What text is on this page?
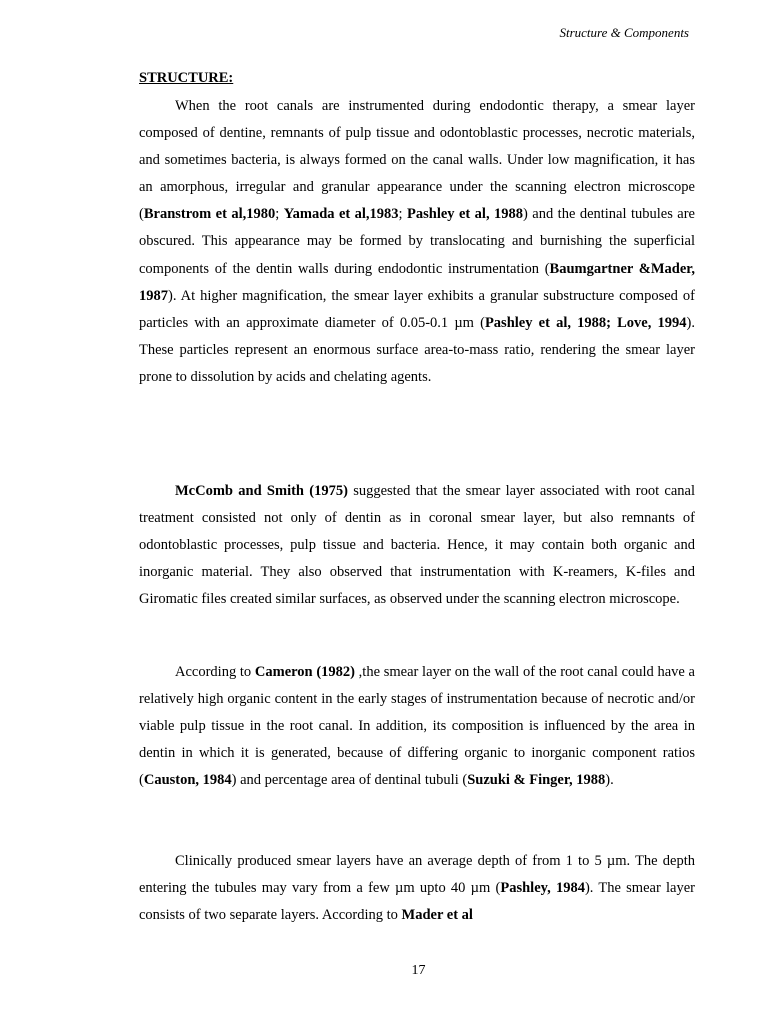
Structure & Components
STRUCTURE:

When the root canals are instrumented during endodontic therapy, a smear layer composed of dentine, remnants of pulp tissue and odontoblastic processes, necrotic materials, and sometimes bacteria, is always formed on the canal walls. Under low magnification, it has an amorphous, irregular and granular appearance under the scanning electron microscope (Branstrom et al,1980; Yamada et al,1983; Pashley et al, 1988) and the dentinal tubules are obscured. This appearance may be formed by translocating and burnishing the superficial components of the dentin walls during endodontic instrumentation (Baumgartner &Mader, 1987). At higher magnification, the smear layer exhibits a granular substructure composed of particles with an approximate diameter of 0.05-0.1 µm (Pashley et al, 1988; Love, 1994). These particles represent an enormous surface area-to-mass ratio, rendering the smear layer prone to dissolution by acids and chelating agents.

McComb and Smith (1975) suggested that the smear layer associated with root canal treatment consisted not only of dentin as in coronal smear layer, but also remnants of odontoblastic processes, pulp tissue and bacteria. Hence, it may contain both organic and inorganic material. They also observed that instrumentation with K-reamers, K-files and Giromatic files created similar surfaces, as observed under the scanning electron microscope.

According to Cameron (1982) ,the smear layer on the wall of the root canal could have a relatively high organic content in the early stages of instrumentation because of necrotic and/or viable pulp tissue in the root canal. In addition, its composition is influenced by the area in dentin in which it is generated, because of differing organic to inorganic component ratios (Causton, 1984) and percentage area of dentinal tubuli (Suzuki & Finger, 1988).

Clinically produced smear layers have an average depth of from 1 to 5 µm. The depth entering the tubules may vary from a few µm upto 40 µm (Pashley, 1984). The smear layer consists of two separate layers. According to Mader et al

17
